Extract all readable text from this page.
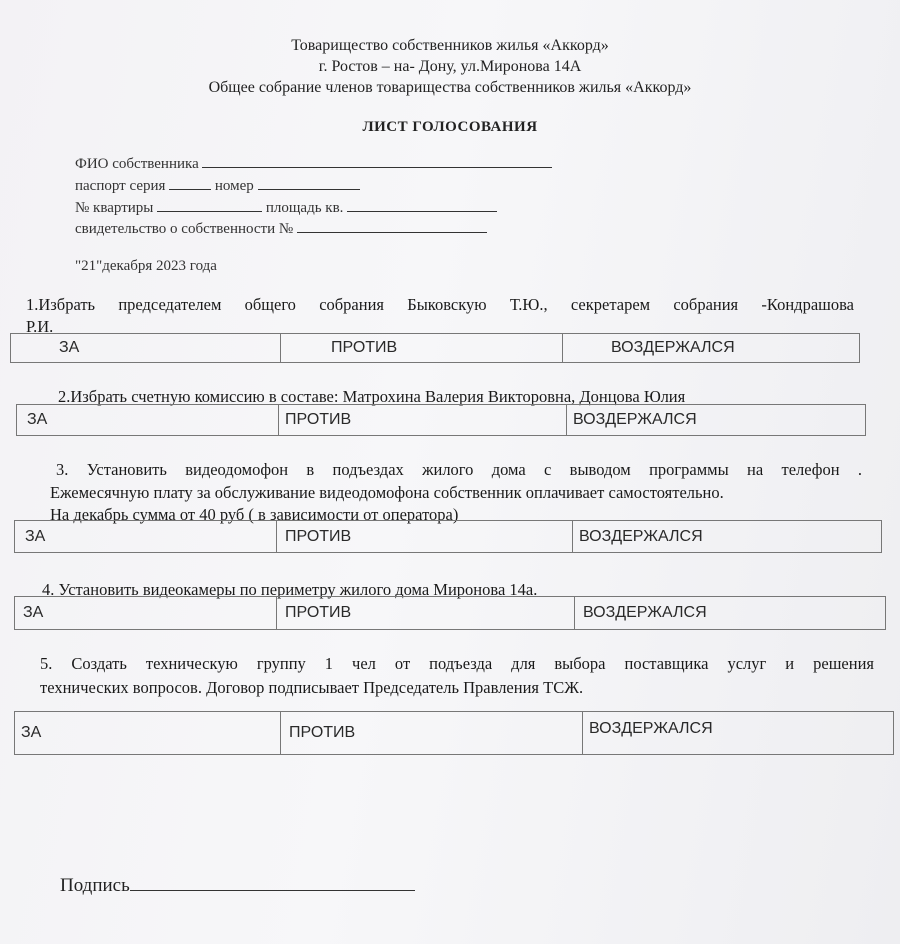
Товарищество собственников жилья «Аккорд»
г. Ростов – на- Дону, ул.Миронова 14А
Общее собрание членов товарищества собственников жилья «Аккорд»
ЛИСТ ГОЛОСОВАНИЯ
ФИО собственника
паспорт серия	номер
№ квартиры	площадь кв.
свидетельство о собственности №
"21"декабря 2023 года
1.Избрать председателем общего собрания Быковскую Т.Ю., секретарем собрания -Кондрашова
Р.И.
ЗА	ПРОТИВ	ВОЗДЕРЖАЛСЯ
2.Избрать счетную комиссию в составе: Матрохина Валерия Викторовна, Донцова Юлия
ЗА	ПРОТИВ	ВОЗДЕРЖАЛСЯ
3. Установить видеодомофон в подъездах жилого дома с выводом программы на телефон .
Ежемесячную плату за обслуживание видеодомофона собственник оплачивает самостоятельно.
На декабрь сумма от 40 руб ( в зависимости от оператора)
ЗА	ПРОТИВ	ВОЗДЕРЖАЛСЯ
4. Установить видеокамеры по периметру жилого дома Миронова 14а.
ЗА	ПРОТИВ	ВОЗДЕРЖАЛСЯ
5. Создать техническую группу 1 чел от подъезда для выбора поставщика услуг и решения
технических вопросов. Договор подписывает Председатель Правления ТСЖ.
ЗА	ПРОТИВ	ВОЗДЕРЖАЛСЯ
Подпись
